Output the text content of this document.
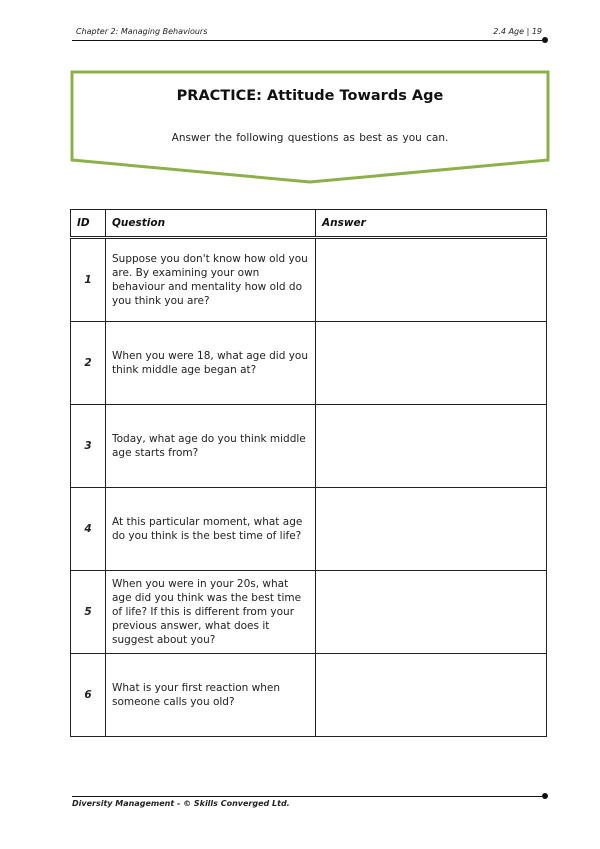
Chapter 2: Managing Behaviours	2.4 Age | 19
PRACTICE: Attitude Towards Age
Answer the following questions as best as you can.
ID	Question	Answer
1	Suppose you don't know how old you are. By examining your own behaviour and mentality how old do you think you are?	
2	When you were 18, what age did you think middle age began at?	
3	Today, what age do you think middle age starts from?	
4	At this particular moment, what age do you think is the best time of life?	
5	When you were in your 20s, what age did you think was the best time of life? If this is different from your previous answer, what does it suggest about you?	
6	What is your first reaction when someone calls you old?	
Diversity Management - © Skills Converged Ltd.
